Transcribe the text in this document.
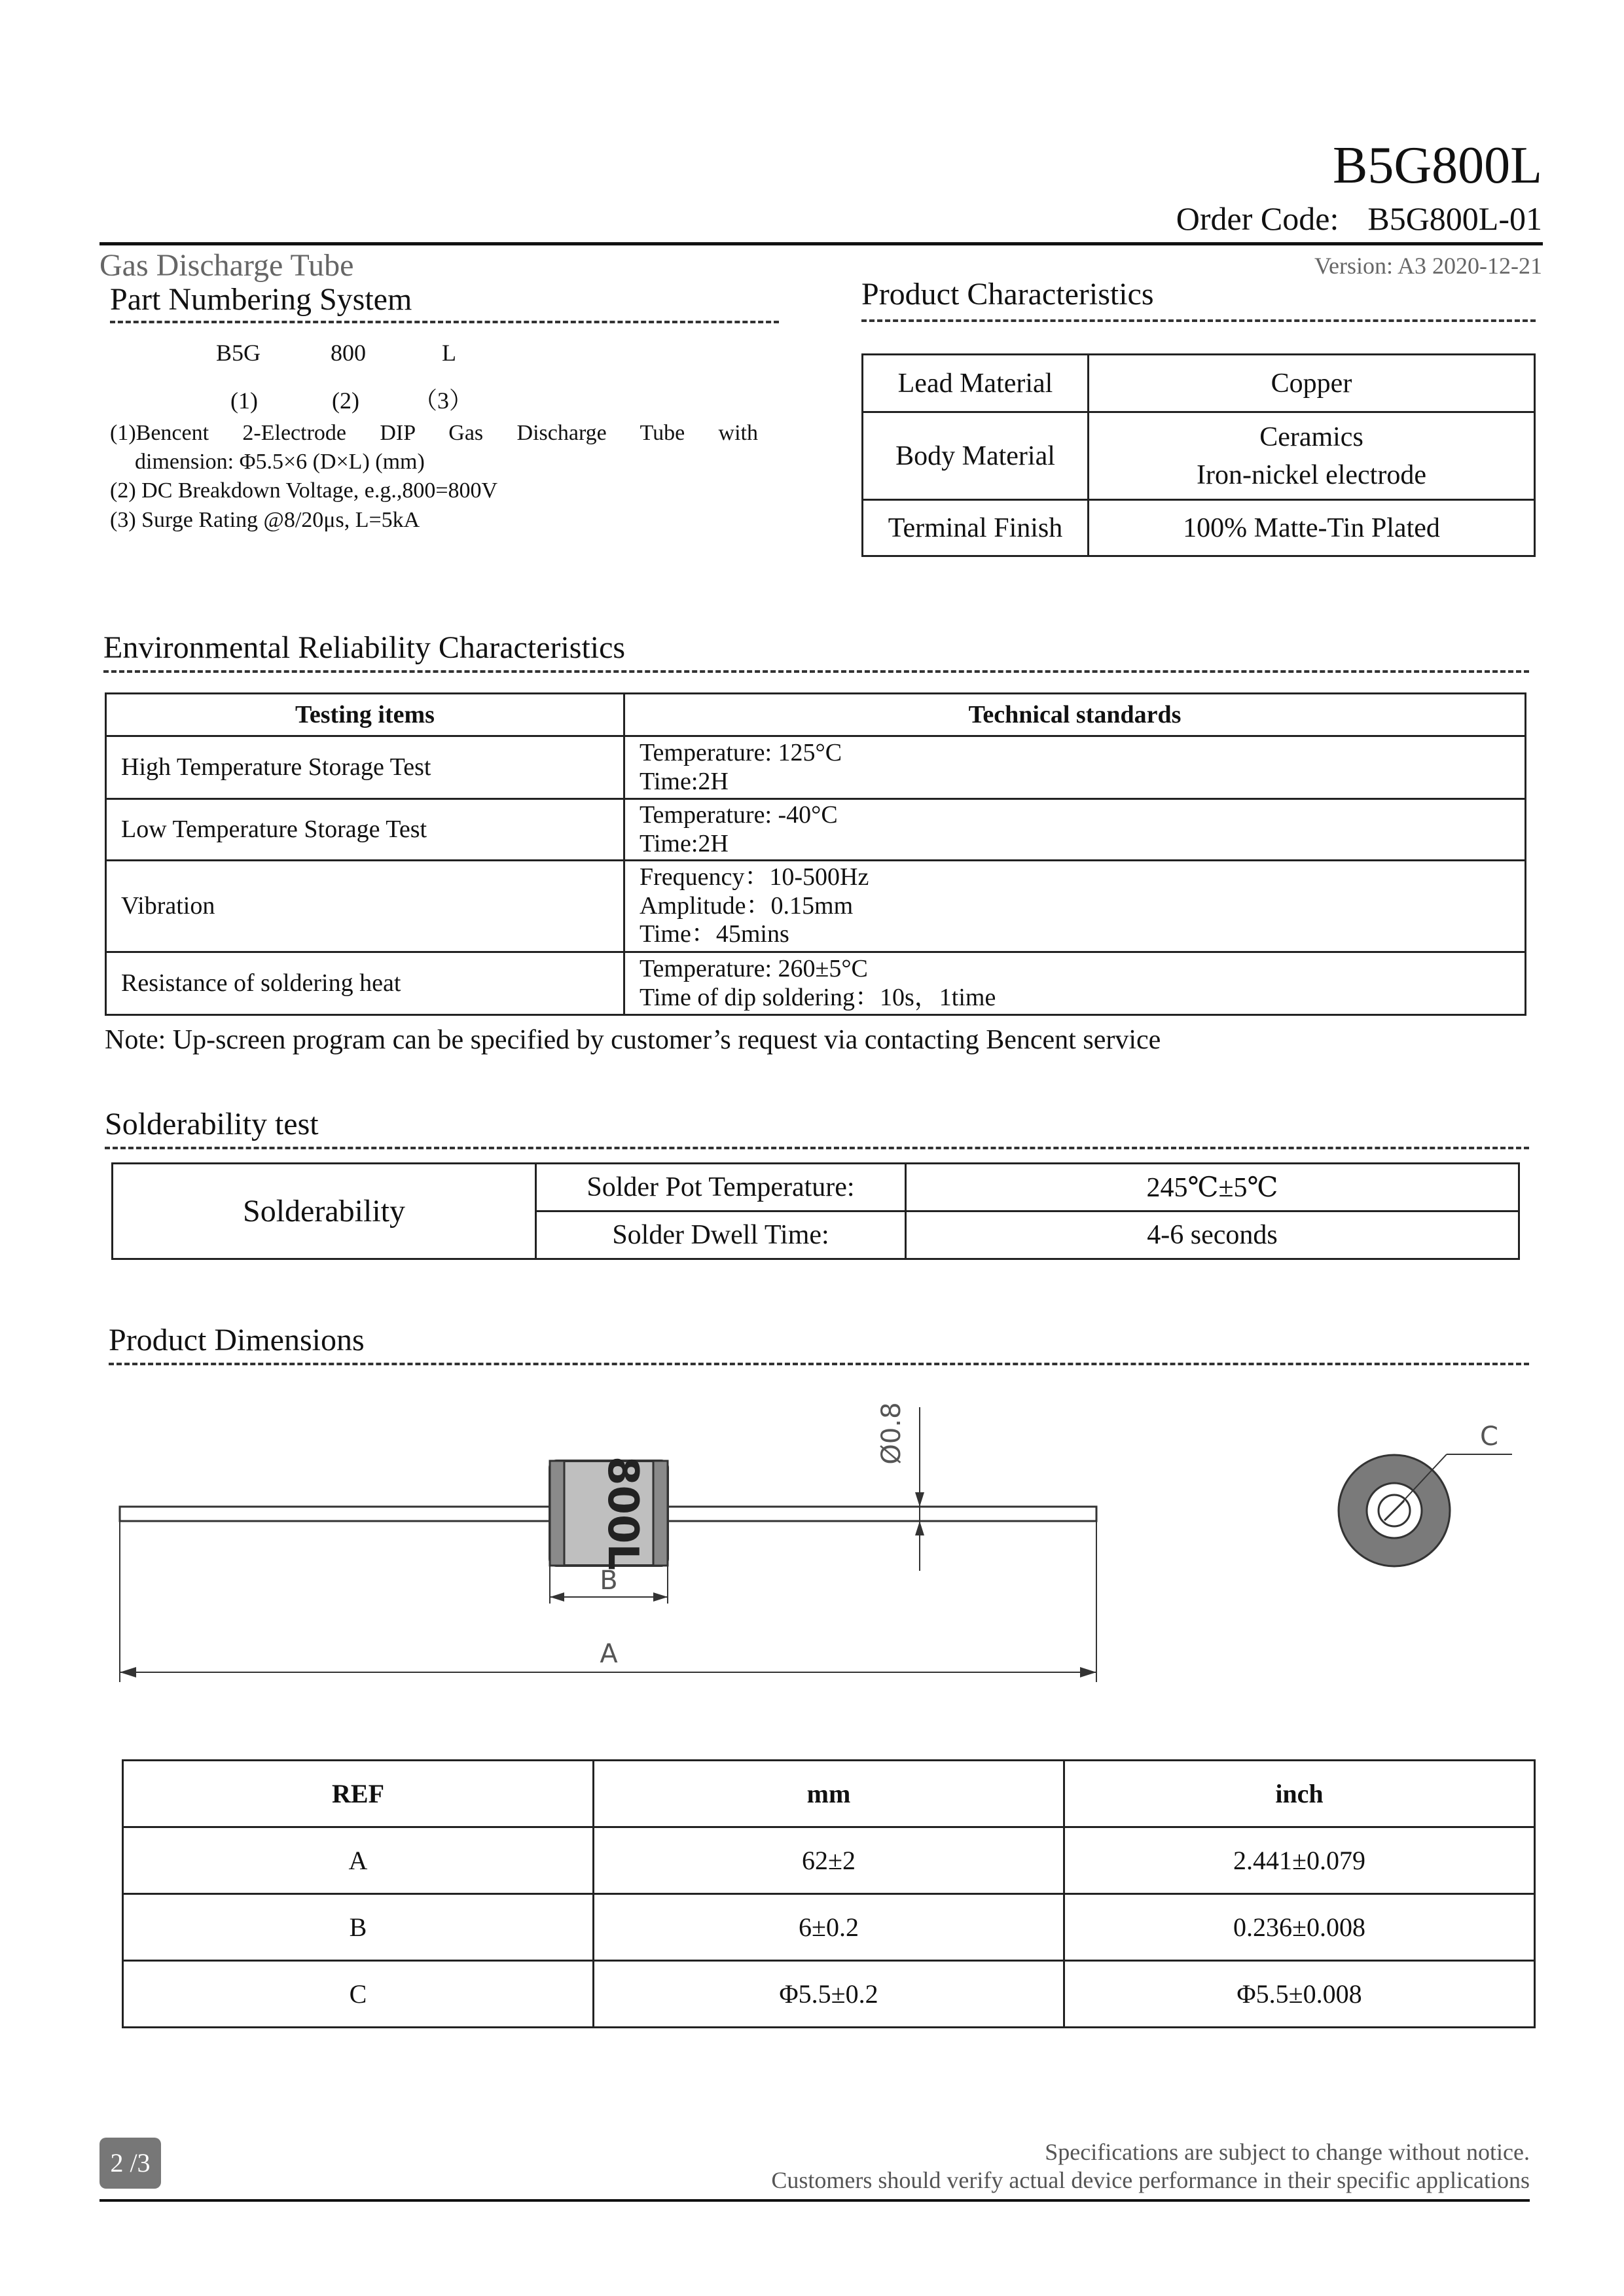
B5G800L
Order Code: B5G800L-01
Gas Discharge Tube	Version: A3 2020-12-21
Part Numbering System
B5G	800	L
(1)	(2) （3）
(1)Bencent 2-Electrode DIP Gas Discharge Tube with
dimension: Φ5.5×6 (D×L) (mm)
(2) DC Breakdown Voltage, e.g.,800=800V
(3) Surge Rating @8/20μs, L=5kA
Product Characteristics
Lead Material	Copper
Body Material	Ceramics
Iron-nickel electrode

Terminal Finish	100% Matte-Tin Plated
Environmental Reliability Characteristics
Testing items	Technical standards
High Temperature Storage Test	Temperature: 125°C
Time:2H

Low Temperature Storage Test	Temperature: -40°C
Time:2H

Vibration	Frequency：10-500Hz
Amplitude：0.15mm
Time：45mins

Resistance of soldering heat	Temperature: 260±5°C
Time of dip soldering：10s，1time
Note: Up-screen program can be specified by customer’s request via contacting Bencent service
Solderability test
Solderability	Solder Pot Temperature:	245℃±5℃
	Solder Dwell Time:	4-6 seconds
Product Dimensions
800L
B
A
Ø0.8	C
REF	mm	inch
A	62±2	2.441±0.079
B	6±0.2	0.236±0.008
C	Φ5.5±0.2	Φ5.5±0.008
2 /3	Specifications are subject to change without notice.
Customers should verify actual device performance in their specific applications
